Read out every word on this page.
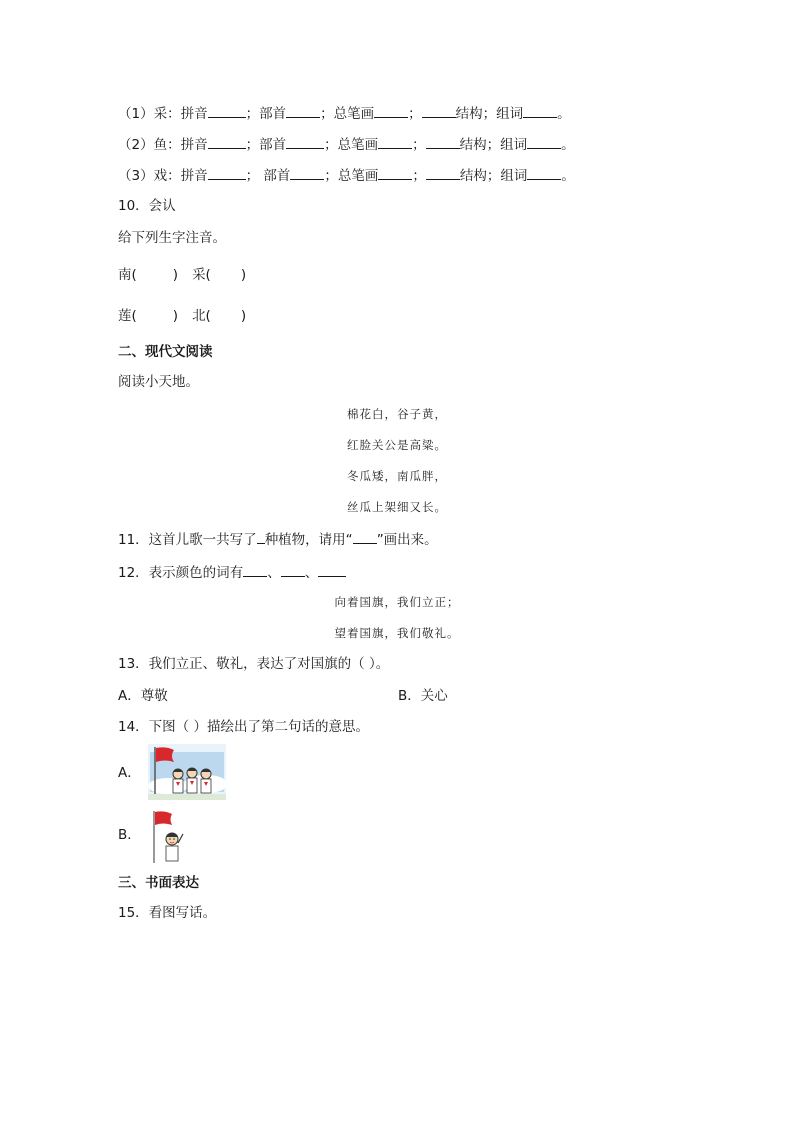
（1）采：拼音	；部首	；总笔画	；	结构；组词	。
（2）鱼：拼音	；部首	；总笔画	；	结构；组词	。
（3）戏：拼音	； 部首	；总笔画	；	结构；组词	。
10．会认
给下列生字注音。
南(	) 采( )
莲(	) 北( )
二、现代文阅读
阅读小天地。
棉花白，谷子黄，
红脸关公是高粱。
冬瓜矮，南瓜胖，
丝瓜上架细又长。
11．这首儿歌一共写了 种植物，请用“ ”画出来。
12．表示颜色的词有 、 、
向着国旗，我们立正；
望着国旗，我们敬礼。
13．我们立正、敬礼，表达了对国旗的（ ）。
A．尊敬	B．关心
14．下图（ ）描绘出了第二句话的意思。
A．
B．
三、书面表达
15．看图写话。
